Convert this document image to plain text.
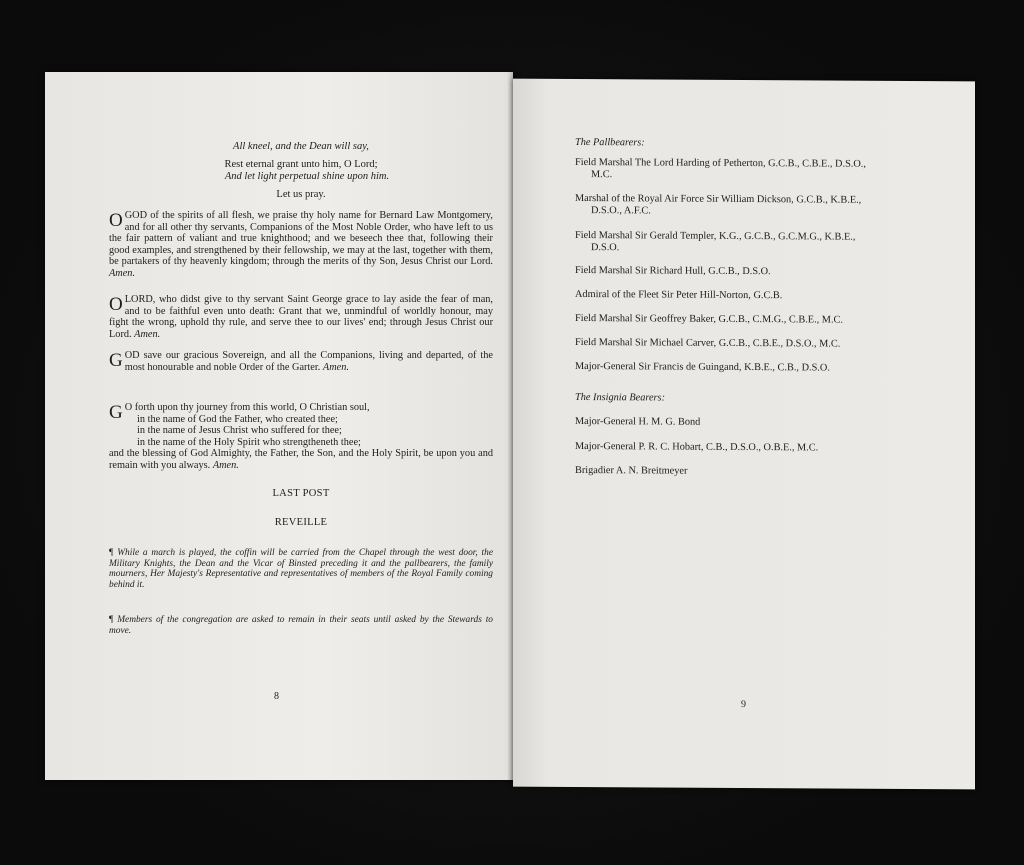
All kneel, and the Dean will say,
Rest eternal grant unto him, O Lord;
And let light perpetual shine upon him.
Let us pray.
O GOD of the spirits of all flesh, we praise thy holy name for Bernard Law Montgomery, and for all other thy servants, Companions of the Most Noble Order, who have left to us the fair pattern of valiant and true knighthood; and we beseech thee that, following their good examples, and strengthened by their fellowship, we may at the last, together with them, be partakers of thy heavenly kingdom; through the merits of thy Son, Jesus Christ our Lord. Amen.
O LORD, who didst give to thy servant Saint George grace to lay aside the fear of man, and to be faithful even unto death: Grant that we, unmindful of worldly honour, may fight the wrong, uphold thy rule, and serve thee to our lives' end; through Jesus Christ our Lord. Amen.
GOD save our gracious Sovereign, and all the Companions, living and departed, of the most honourable and noble Order of the Garter. Amen.
G O forth upon thy journey from this world, O Christian soul,
in the name of God the Father, who created thee;
in the name of Jesus Christ who suffered for thee;
in the name of the Holy Spirit who strengtheneth thee;
and the blessing of God Almighty, the Father, the Son, and the Holy Spirit, be upon you and remain with you always. Amen.
LAST POST
REVEILLE
¶ While a march is played, the coffin will be carried from the Chapel through the west door, the Military Knights, the Dean and the Vicar of Binsted preceding it and the pallbearers, the family mourners, Her Majesty's Representative and representatives of members of the Royal Family coming behind it.
¶ Members of the congregation are asked to remain in their seats until asked by the Stewards to move.
8
The Pallbearers:
Field Marshal The Lord Harding of Petherton, G.C.B., C.B.E., D.S.O.,
M.C.
Marshal of the Royal Air Force Sir William Dickson, G.C.B., K.B.E.,
D.S.O., A.F.C.
Field Marshal Sir Gerald Templer, K.G., G.C.B., G.C.M.G., K.B.E.,
D.S.O.
Field Marshal Sir Richard Hull, G.C.B., D.S.O.
Admiral of the Fleet Sir Peter Hill-Norton, G.C.B.
Field Marshal Sir Geoffrey Baker, G.C.B., C.M.G., C.B.E., M.C.
Field Marshal Sir Michael Carver, G.C.B., C.B.E., D.S.O., M.C.
Major-General Sir Francis de Guingand, K.B.E., C.B., D.S.O.
The Insignia Bearers:
Major-General H. M. G. Bond
Major-General P. R. C. Hobart, C.B., D.S.O., O.B.E., M.C.
Brigadier A. N. Breitmeyer
9
